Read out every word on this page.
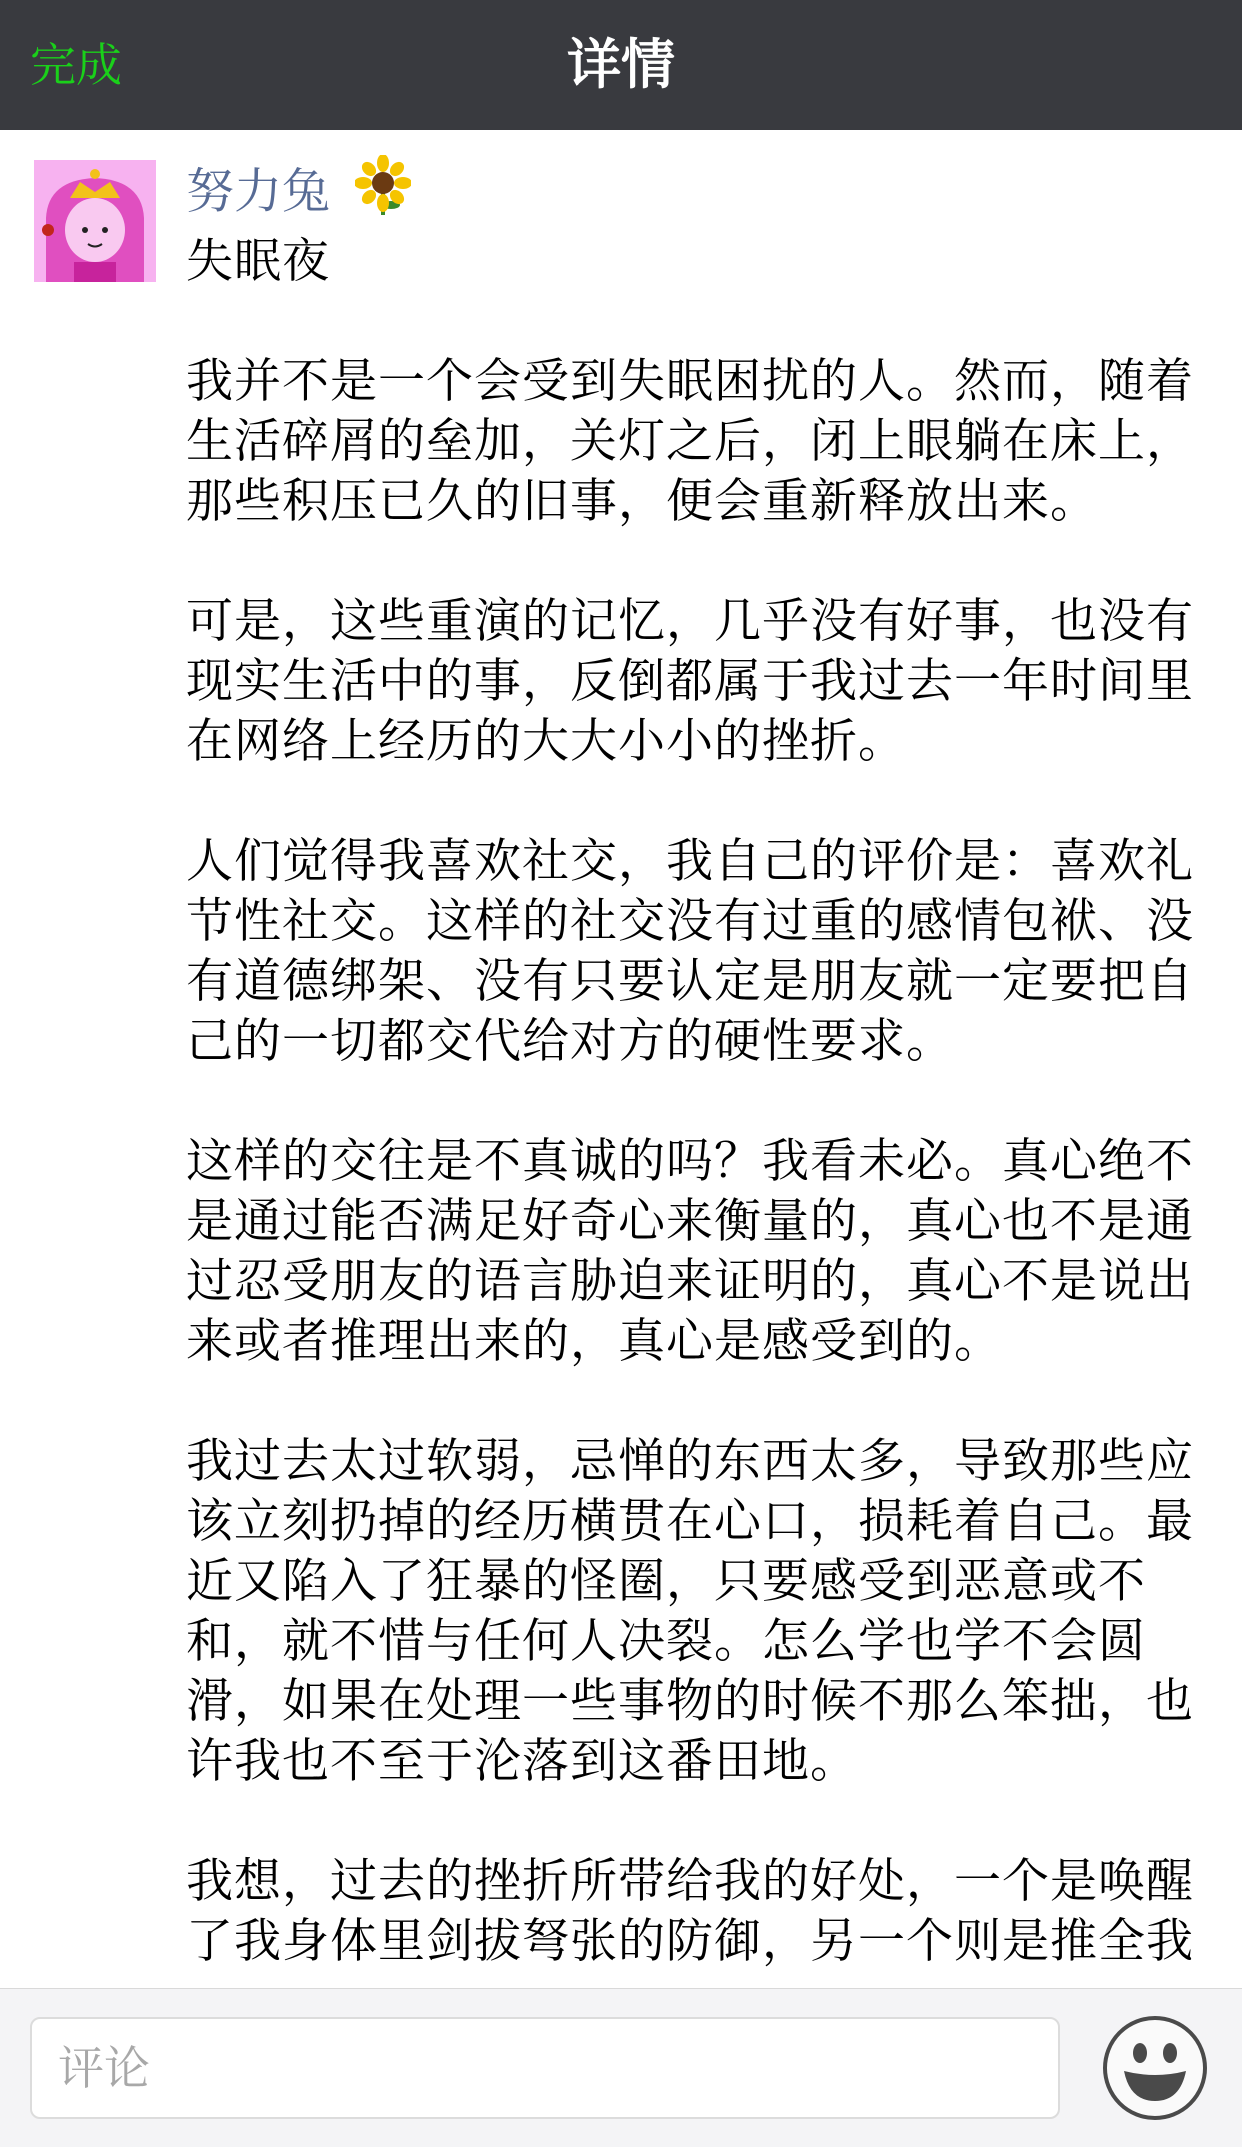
完成	详情
努力兔

失眠夜

我并不是一个会受到失眠困扰的人。然而，随着生活碎屑的垒加，关灯之后，闭上眼躺在床上，那些积压已久的旧事，便会重新释放出来。

可是，这些重演的记忆，几乎没有好事，也没有现实生活中的事，反倒都属于我过去一年时间里在网络上经历的大大小小的挫折。

人们觉得我喜欢社交，我自己的评价是：喜欢礼节性社交。这样的社交没有过重的感情包袱、没有道德绑架、没有只要认定是朋友就一定要把自己的一切都交代给对方的硬性要求。

这样的交往是不真诚的吗？我看未必。真心绝不是通过能否满足好奇心来衡量的，真心也不是通过忍受朋友的语言胁迫来证明的，真心不是说出来或者推理出来的，真心是感受到的。

我过去太过软弱，忌惮的东西太多，导致那些应该立刻扔掉的经历横贯在心口，损耗着自己。最近又陷入了狂暴的怪圈，只要感受到恶意或不和，就不惜与任何人决裂。怎么学也学不会圆滑，如果在处理一些事物的时候不那么笨拙，也许我也不至于沦落到这番田地。

我想，过去的挫折所带给我的好处，一个是唤醒了我身体里剑拔弩张的防御，另一个则是推全我

评论
